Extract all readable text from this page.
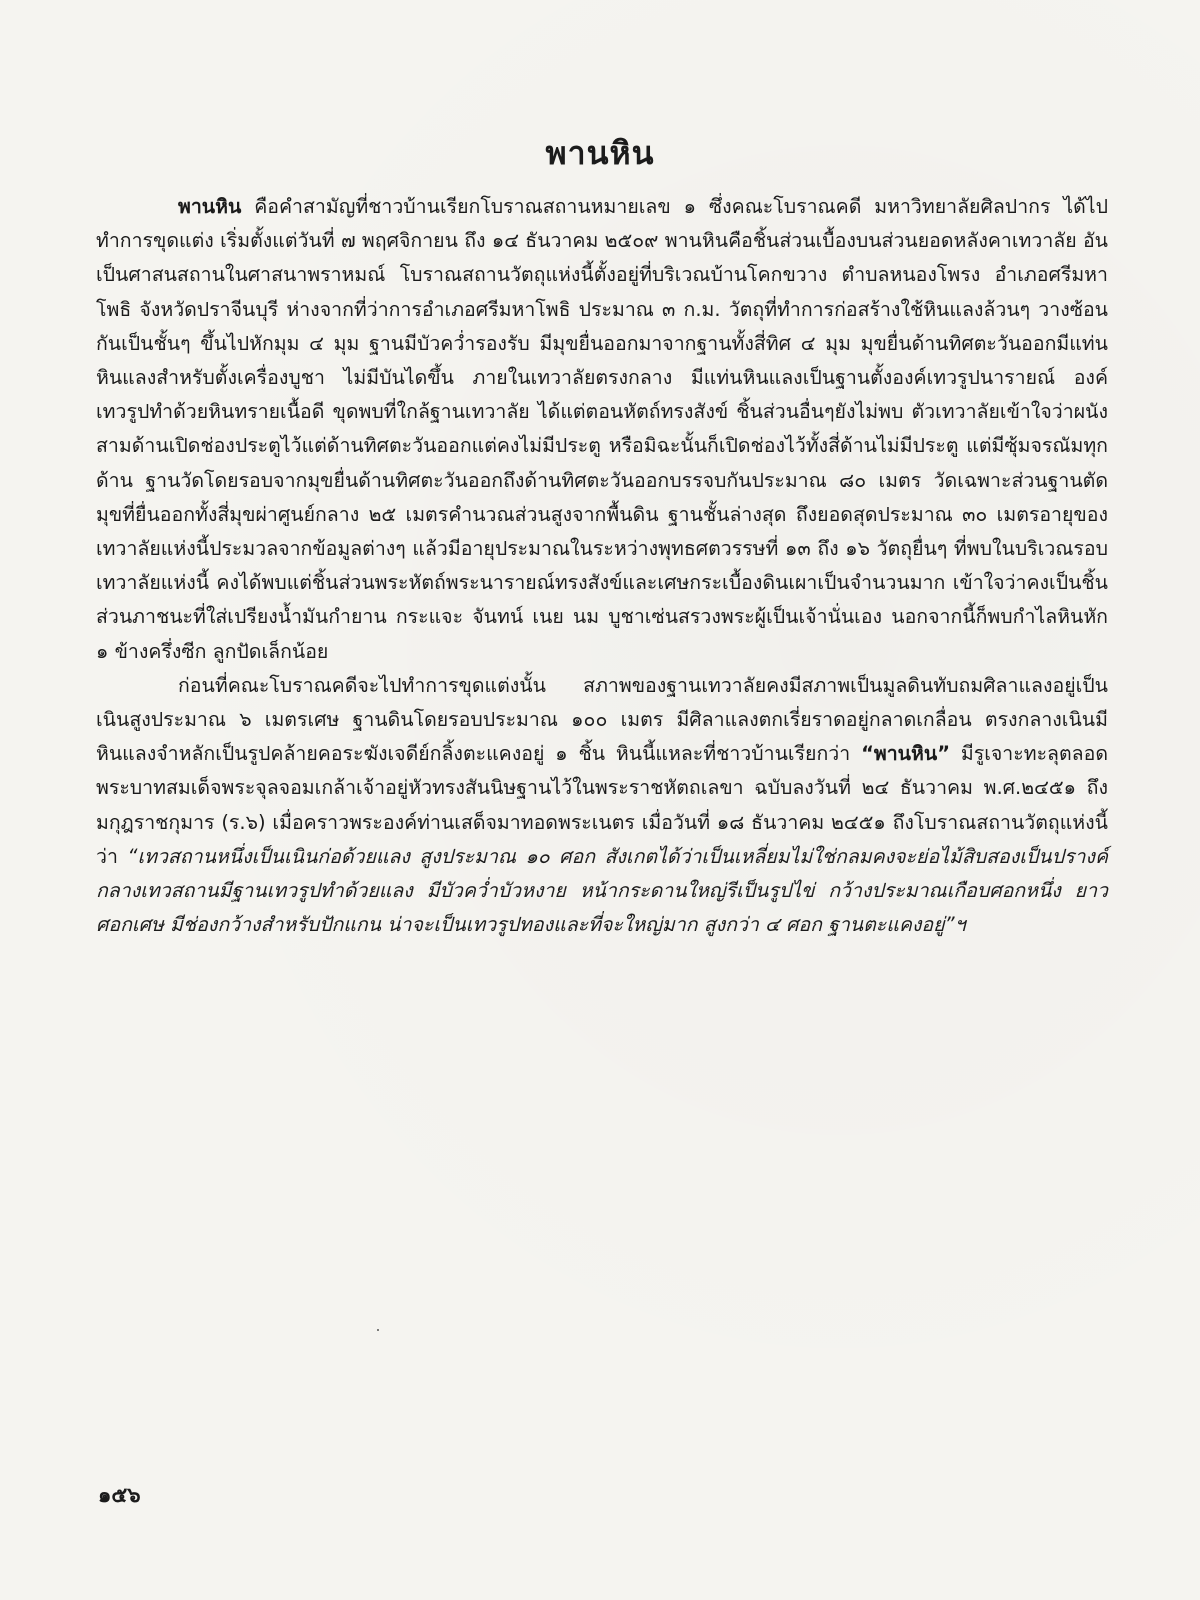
พานหิน

พานหิน คือคำสามัญที่ชาวบ้านเรียกโบราณสถานหมายเลข ๑ ซึ่งคณะโบราณคดี มหาวิทยาลัยศิลปากร ได้ไปทำการขุดแต่ง เริ่มตั้งแต่วันที่ ๗ พฤศจิกายน ถึง ๑๔ ธันวาคม ๒๕๐๙ พานหินคือชิ้นส่วนเบื้องบนส่วนยอดหลังคาเทวาลัย อันเป็นศาสนสถานในศาสนาพราหมณ์ โบราณสถานวัตถุแห่งนี้ตั้งอยู่ที่บริเวณบ้านโคกขวาง ตำบลหนองโพรง อำเภอศรีมหาโพธิ จังหวัดปราจีนบุรี ห่างจากที่ว่าการอำเภอศรีมหาโพธิ ประมาณ ๓ ก.ม. วัตถุที่ทำการก่อสร้างใช้หินแลงล้วนๆ วางซ้อนกันเป็นชั้นๆ ขึ้นไปหักมุม ๔ มุม ฐานมีบัวคว่ำรองรับ มีมุขยื่นออกมาจากฐานทั้งสี่ทิศ ๔ มุม มุขยื่นด้านทิศตะวันออกมีแท่นหินแลงสำหรับตั้งเครื่องบูชา ไม่มีบันไดขึ้น ภายในเทวาลัยตรงกลาง มีแท่นหินแลงเป็นฐานตั้งองค์เทวรูปนารายณ์ องค์เทวรูปทำด้วยหินทรายเนื้อดี ขุดพบที่ใกล้ฐานเทวาลัย ได้แต่ตอนหัตถ์ทรงสังข์ ชิ้นส่วนอื่นๆยังไม่พบ ตัวเทวาลัยเข้าใจว่าผนังสามด้านเปิดช่องประตูไว้แต่ด้านทิศตะวันออกแต่คงไม่มีประตู หรือมิฉะนั้นก็เปิดช่องไว้ทั้งสี่ด้านไม่มีประตู แต่มีซุ้มจรณัมทุกด้าน ฐานวัดโดยรอบจากมุขยื่นด้านทิศตะวันออกถึงด้านทิศตะวันออกบรรจบกันประมาณ ๘๐ เมตร วัดเฉพาะส่วนฐานตัดมุขที่ยื่นออกทั้งสี่มุขผ่าศูนย์กลาง ๒๕ เมตรคำนวณส่วนสูงจากพื้นดิน ฐานชั้นล่างสุด ถึงยอดสุดประมาณ ๓๐ เมตรอายุของเทวาลัยแห่งนี้ประมวลจากข้อมูลต่างๆ แล้วมีอายุประมาณในระหว่างพุทธศตวรรษที่ ๑๓ ถึง ๑๖ วัตถุยื่นๆ ที่พบในบริเวณรอบเทวาลัยแห่งนี้ คงได้พบแต่ชิ้นส่วนพระหัตถ์พระนารายณ์ทรงสังข์และเศษกระเบื้องดินเผาเป็นจำนวนมาก เข้าใจว่าคงเป็นชิ้นส่วนภาชนะที่ใส่เปรียงน้ำมันกำยาน กระแจะ จันทน์ เนย นม บูชาเซ่นสรวงพระผู้เป็นเจ้านั่นเอง นอกจากนี้ก็พบกำไลหินหัก ๑ ข้างครึ่งซีก ลูกปัดเล็กน้อย

ก่อนที่คณะโบราณคดีจะไปทำการขุดแต่งนั้น สภาพของฐานเทวาลัยคงมีสภาพเป็นมูลดินทับถมศิลาแลงอยู่เป็นเนินสูงประมาณ ๖ เมตรเศษ ฐานดินโดยรอบประมาณ ๑๐๐ เมตร มีศิลาแลงตกเรี่ยราดอยู่กลาดเกลื่อน ตรงกลางเนินมีหินแลงจำหลักเป็นรูปคล้ายคอระฆังเจดีย์กลิ้งตะแคงอยู่ ๑ ชิ้น หินนี้แหละที่ชาวบ้านเรียกว่า “พานหิน” มีรูเจาะทะลุตลอด พระบาทสมเด็จพระจุลจอมเกล้าเจ้าอยู่หัวทรงสันนิษฐานไว้ในพระราชหัตถเลขา ฉบับลงวันที่ ๒๔ ธันวาคม พ.ศ.๒๔๕๑ ถึงมกุฎราชกุมาร (ร.๖) เมื่อคราวพระองค์ท่านเสด็จมาทอดพระเนตร เมื่อวันที่ ๑๘ ธันวาคม ๒๔๕๑ ถึงโบราณสถานวัตถุแห่งนี้ว่า “เทวสถานหนึ่งเป็นเนินก่อด้วยแลง สูงประมาณ ๑๐ ศอก สังเกตได้ว่าเป็นเหลี่ยมไม่ใช่กลมคงจะย่อไม้สิบสองเป็นปรางค์ กลางเทวสถานมีฐานเทวรูปทำด้วยแลง มีบัวคว่ำบัวหงาย หน้ากระดานใหญ่รีเป็นรูปไข่ กว้างประมาณเกือบศอกหนึ่ง ยาวศอกเศษ มีช่องกว้างสำหรับปักแกน น่าจะเป็นเทวรูปทองและที่จะใหญ่มาก สูงกว่า ๔ ศอก ฐานตะแคงอยู่”ฯ

๑๕๖
